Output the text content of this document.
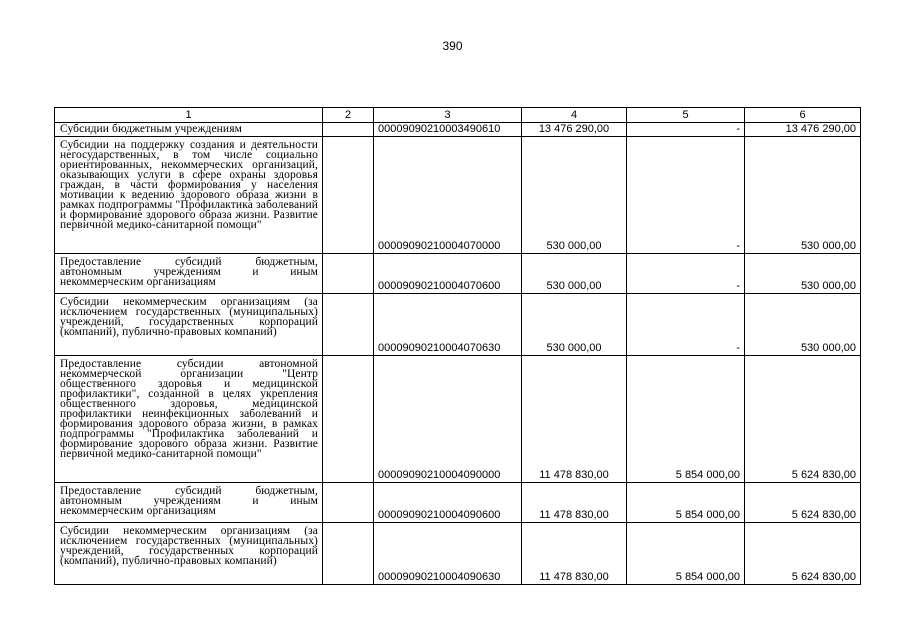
390
1	2	3	4	5	6
Субсидии бюджетным учреждениям		00009090210003490610	13 476 290,00	-	13 476 290,00
Субсидии на поддержку создания и деятельности негосударственных, в том числе социально ориентированных, некоммерческих организаций, оказывающих услуги в сфере охраны здоровья граждан, в части формирования у населения мотивации к ведению здорового образа жизни в рамках подпрограммы "Профилактика заболеваний и формирование здорового образа жизни. Развитие первичной медико-санитарной помощи"		00009090210004070000	530 000,00	-	530 000,00
Предоставление субсидий бюджетным, автономным учреждениям и иным некоммерческим организациям		00009090210004070600	530 000,00	-	530 000,00
Субсидии некоммерческим организациям (за исключением государственных (муниципальных) учреждений, государственных корпораций (компаний), публично-правовых компаний)		00009090210004070630	530 000,00	-	530 000,00
Предоставление субсидии автономной некоммерческой организации "Центр общественного здоровья и медицинской профилактики", созданной в целях укрепления общественного здоровья, медицинской профилактики неинфекционных заболеваний и формирования здорового образа жизни, в рамках подпрограммы "Профилактика заболеваний и формирование здорового образа жизни. Развитие первичной медико-санитарной помощи"		00009090210004090000	11 478 830,00	5 854 000,00	5 624 830,00
Предоставление субсидий бюджетным, автономным учреждениям и иным некоммерческим организациям		00009090210004090600	11 478 830,00	5 854 000,00	5 624 830,00
Субсидии некоммерческим организациям (за исключением государственных (муниципальных) учреждений, государственных корпораций (компаний), публично-правовых компаний)		00009090210004090630	11 478 830,00	5 854 000,00	5 624 830,00
